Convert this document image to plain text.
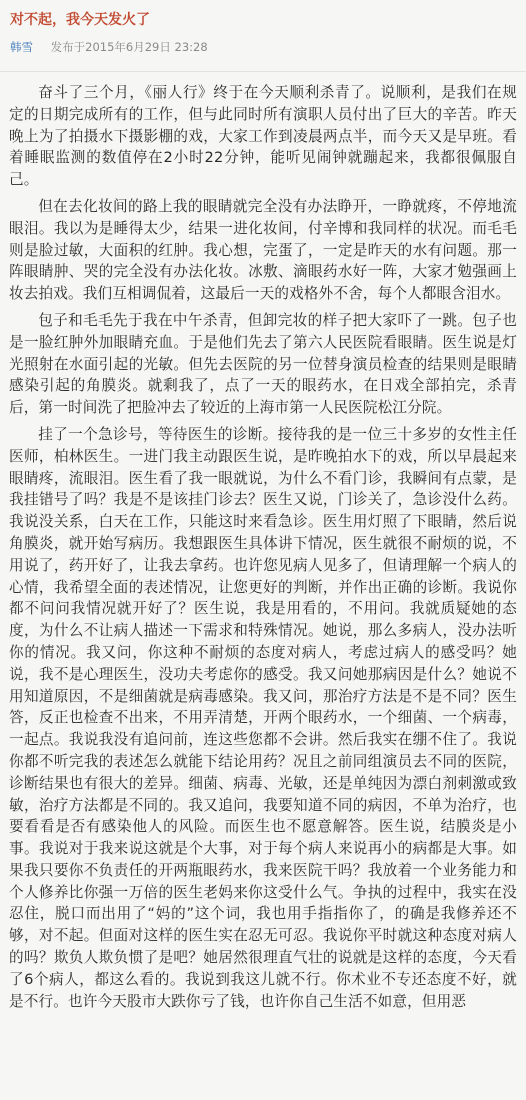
对不起，我今天发火了
韩雪 发布于2015年6月29日 23:28

奋斗了三个月，《丽人行》终于在今天顺利杀青了。说顺利，是我们在规定的日期完成所有的工作，但与此同时所有演职人员付出了巨大的辛苦。昨天晚上为了拍摄水下摄影棚的戏，大家工作到凌晨两点半，而今天又是早班。看着睡眠监测的数值停在2小时22分钟，能听见闹钟就蹦起来，我都很佩服自己。

但在去化妆间的路上我的眼睛就完全没有办法睁开，一睁就疼，不停地流眼泪。我以为是睡得太少，结果一进化妆间，付辛博和我同样的状况。而毛毛则是脸过敏，大面积的红肿。我心想，完蛋了，一定是昨天的水有问题。那一阵眼睛肿、哭的完全没有办法化妆。冰敷、滴眼药水好一阵，大家才勉强画上妆去拍戏。我们互相调侃着，这最后一天的戏格外不舍，每个人都眼含泪水。

包子和毛毛先于我在中午杀青，但卸完妆的样子把大家吓了一跳。包子也是一脸红肿外加眼睛充血。于是他们先去了第六人民医院看眼睛。医生说是灯光照射在水面引起的光敏。但先去医院的另一位替身演员检查的结果则是眼睛感染引起的角膜炎。就剩我了，点了一天的眼药水，在日戏全部拍完，杀青后，第一时间洗了把脸冲去了较近的上海市第一人民医院松江分院。

挂了一个急诊号，等待医生的诊断。接待我的是一位三十多岁的女性主任医师，柏林医生。一进门我主动跟医生说，是昨晚拍水下的戏，所以早晨起来眼睛疼，流眼泪。医生看了我一眼就说，为什么不看门诊，我瞬间有点蒙，是我挂错号了吗？我是不是该挂门诊去？医生又说，门诊关了，急诊没什么药。我说没关系，白天在工作，只能这时来看急诊。医生用灯照了下眼睛，然后说角膜炎，就开始写病历。我想跟医生具体讲下情况，医生就很不耐烦的说，不用说了，药开好了，让我去拿药。也许您见病人见多了，但请理解一个病人的心情，我希望全面的表述情况，让您更好的判断，并作出正确的诊断。我说你都不问问我情况就开好了？医生说，我是用看的，不用问。我就质疑她的态度，为什么不让病人描述一下需求和特殊情况。她说，那么多病人，没办法听你的情况。我又问，你这种不耐烦的态度对病人，考虑过病人的感受吗？她说，我不是心理医生，没功夫考虑你的感受。我又问她那病因是什么？她说不用知道原因，不是细菌就是病毒感染。我又问，那治疗方法是不是不同？医生答，反正也检查不出来，不用弄清楚，开两个眼药水，一个细菌、一个病毒，一起点。我说我没有追问前，连这些您都不会讲。然后我实在绷不住了。我说你都不听完我的表述怎么就能下结论用药？况且之前同组演员去不同的医院，诊断结果也有很大的差异。细菌、病毒、光敏，还是单纯因为漂白剂刺激或致敏，治疗方法都是不同的。我又追问，我要知道不同的病因，不单为治疗，也要看看是否有感染他人的风险。而医生也不愿意解答。医生说，结膜炎是小事。我说对于我来说这就是个大事，对于每个病人来说再小的病都是大事。如果我只要你不负责任的开两瓶眼药水，我来医院干吗？我放着一个业务能力和个人修养比你强一万倍的医生老妈来你这受什么气。争执的过程中，我实在没忍住，脱口而出用了“妈的”这个词，我也用手指指你了，的确是我修养还不够，对不起。但面对这样的医生实在忍无可忍。我说你平时就这种态度对病人的吗？欺负人欺负惯了是吧？她居然很理直气壮的说就是这样的态度，今天看了6个病人，都这么看的。我说到我这儿就不行。你术业不专还态度不好，就是不行。也许今天股市大跌你亏了钱，也许你自己生活不如意，但用恶
